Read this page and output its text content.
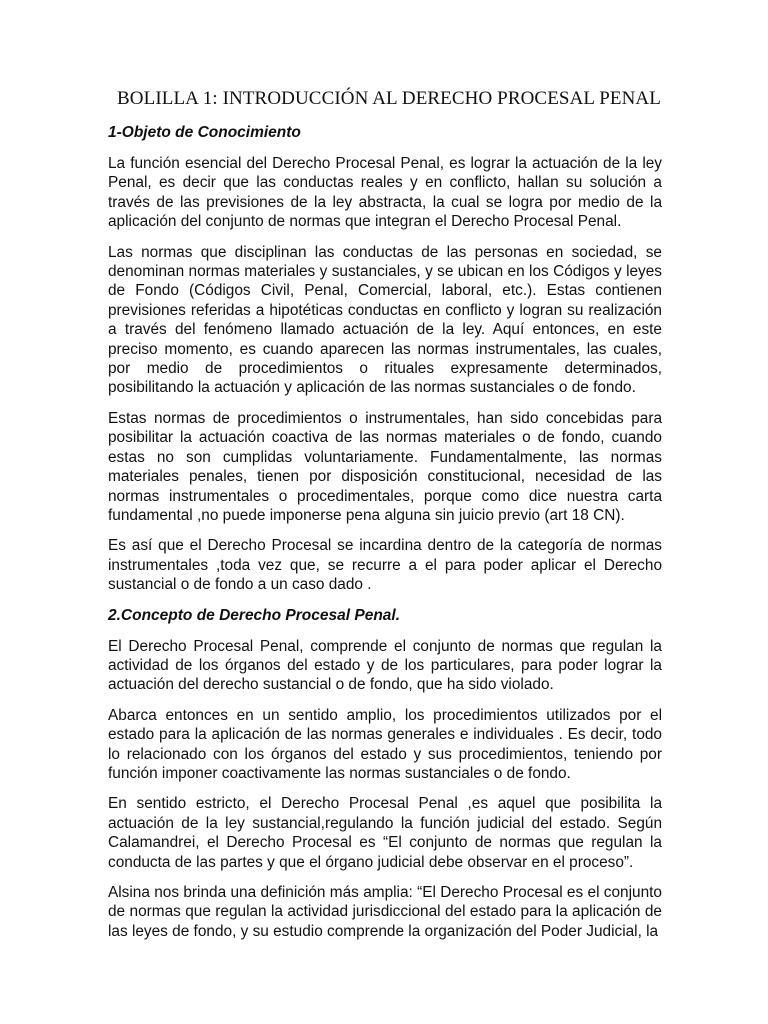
BOLILLA 1: INTRODUCCIÓN AL DERECHO PROCESAL PENAL
1-Objeto de Conocimiento

La función esencial del Derecho Procesal Penal, es lograr la actuación de la ley Penal, es decir que las conductas reales y en conflicto, hallan su solución a través de las previsiones de la ley abstracta, la cual se logra por medio de la aplicación del conjunto de normas que integran el Derecho Procesal Penal.

Las normas que disciplinan las conductas de las personas en sociedad, se denominan normas materiales y sustanciales, y se ubican en los Códigos y leyes de Fondo (Códigos Civil, Penal, Comercial, laboral, etc.). Estas contienen previsiones referidas a hipotéticas conductas en conflicto y logran su realización a través del fenómeno llamado actuación de la ley. Aquí entonces, en este preciso momento, es cuando aparecen las normas instrumentales, las cuales, por medio de procedimientos o rituales expresamente determinados, posibilitando la actuación y aplicación de las normas sustanciales o de fondo.

Estas normas de procedimientos o instrumentales, han sido concebidas para posibilitar la actuación coactiva de las normas materiales o de fondo, cuando estas no son cumplidas voluntariamente. Fundamentalmente, las normas materiales penales, tienen por disposición constitucional, necesidad de las normas instrumentales o procedimentales, porque como dice nuestra carta fundamental ,no puede imponerse pena alguna sin juicio previo (art 18 CN).

Es así que el Derecho Procesal se incardina dentro de la categoría de normas instrumentales ,toda vez que, se recurre a el para poder aplicar el Derecho sustancial o de fondo a un caso dado .

2.Concepto de Derecho Procesal Penal.

El Derecho Procesal Penal, comprende el conjunto de normas que regulan la actividad de los órganos del estado y de los particulares, para poder lograr la actuación del derecho sustancial o de fondo, que ha sido violado.

Abarca entonces en un sentido amplio, los procedimientos utilizados por el estado para la aplicación de las normas generales e individuales . Es decir, todo lo relacionado con los órganos del estado y sus procedimientos, teniendo por función imponer coactivamente las normas sustanciales o de fondo.

En sentido estricto, el Derecho Procesal Penal ,es aquel que posibilita la actuación de la ley sustancial,regulando la función judicial del estado. Según Calamandrei, el Derecho Procesal es “El conjunto de normas que regulan la conducta de las partes y que el órgano judicial debe observar en el proceso”.

Alsina nos brinda una definición más amplia: “El Derecho Procesal es el conjunto de normas que regulan la actividad jurisdiccional del estado para la aplicación de las leyes de fondo, y su estudio comprende la organización del Poder Judicial, la
